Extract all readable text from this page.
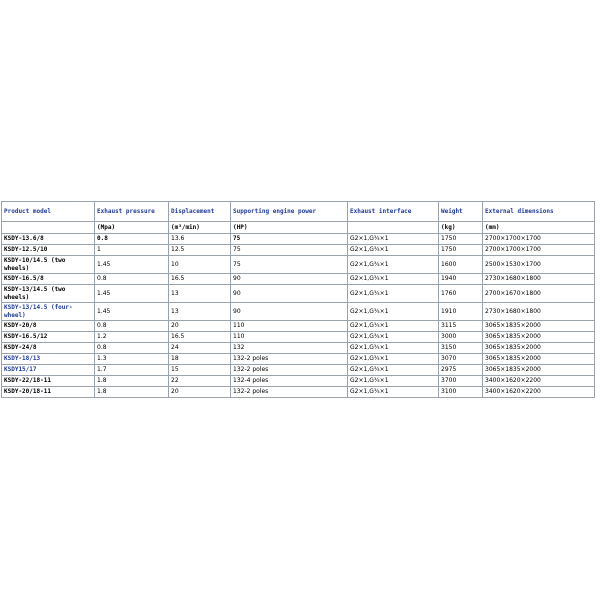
Product model	Exhaust pressure	Displacement	Supporting engine power	Exhaust interface	Weight	External dimensions
	(Mpa)	(m³/min)	(HP)		(kg)	(mm)
KSDY-13.6/8	0.8	13.6	75	G2×1,G¾×1	1750	2700×1700×1700
KSDY-12.5/10	1	12.5	75	G2×1,G¾×1	1750	2700×1700×1700
KSDY-10/14.5 (two wheels)	1.45	10	75	G2×1,G¾×1	1600	2500×1530×1700
KSDY-16.5/8	0.8	16.5	90	G2×1,G¾×1	1940	2730×1680×1800
KSDY-13/14.5 (two wheels)	1.45	13	90	G2×1,G¾×1	1760	2700×1670×1800
KSDY-13/14.5 (four-wheel)	1.45	13	90	G2×1,G¾×1	1910	2730×1680×1800
KSDY-20/8	0.8	20	110	G2×1,G¾×1	3115	3065×1835×2000
KSDY-16.5/12	1.2	16.5	110	G2×1,G¾×1	3000	3065×1835×2000
KSDY-24/8	0.8	24	132	G2×1,G¾×1	3150	3065×1835×2000
KSDY-18/13	1.3	18	132-2 poles	G2×1,G¾×1	3070	3065×1835×2000
KSDY15/17	1.7	15	132-2 poles	G2×1,G¾×1	2975	3065×1835×2000
KSDY-22/18-11	1.8	22	132-4 poles	G2×1,G¾×1	3700	3400×1620×2200
KSDY-20/18-11	1.8	20	132-2 poles	G2×1,G¾×1	3100	3400×1620×2200
